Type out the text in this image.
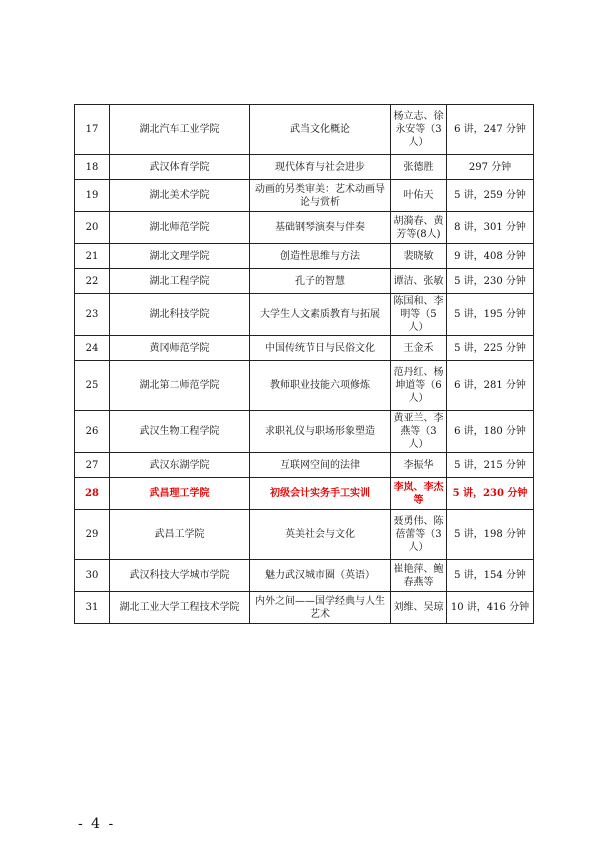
17	湖北汽车工业学院	武当文化概论	杨立志、徐永安等（3人）	6 讲，247 分钟
18	武汉体育学院	现代体育与社会进步	张德胜	297 分钟
19	湖北美术学院	动画的另类审美：艺术动画导论与赏析	叶佑天	5 讲，259 分钟
20	湖北师范学院	基础钢琴演奏与伴奏	胡漪春、黄芳等(8人)	8 讲，301 分钟
21	湖北文理学院	创造性思维与方法	裴晓敏	9 讲，408 分钟
22	湖北工程学院	孔子的智慧	谭洁、张敏	5 讲，230 分钟
23	湖北科技学院	大学生人文素质教育与拓展	陈国和、李明等（5人）	5 讲，195 分钟
24	黄冈师范学院	中国传统节日与民俗文化	王金禾	5 讲，225 分钟
25	湖北第二师范学院	教师职业技能六项修炼	范丹红、杨坤道等（6人）	6 讲，281 分钟
26	武汉生物工程学院	求职礼仪与职场形象塑造	黄亚兰、李燕等（3人）	6 讲，180 分钟
27	武汉东湖学院	互联网空间的法律	李振华	5 讲，215 分钟
28	武昌理工学院	初级会计实务手工实训	李岚、李杰等	5 讲，230 分钟
29	武昌工学院	英美社会与文化	聂勇伟、陈蓓蕾等（3人）	5 讲，198 分钟
30	武汉科技大学城市学院	魅力武汉城市圈（英语）	崔艳萍、鲍春燕等	5 讲，154 分钟
31	湖北工业大学工程技术学院	内外之间——国学经典与人生艺术	刘维、吴琼	10 讲，416 分钟
- 4 -
